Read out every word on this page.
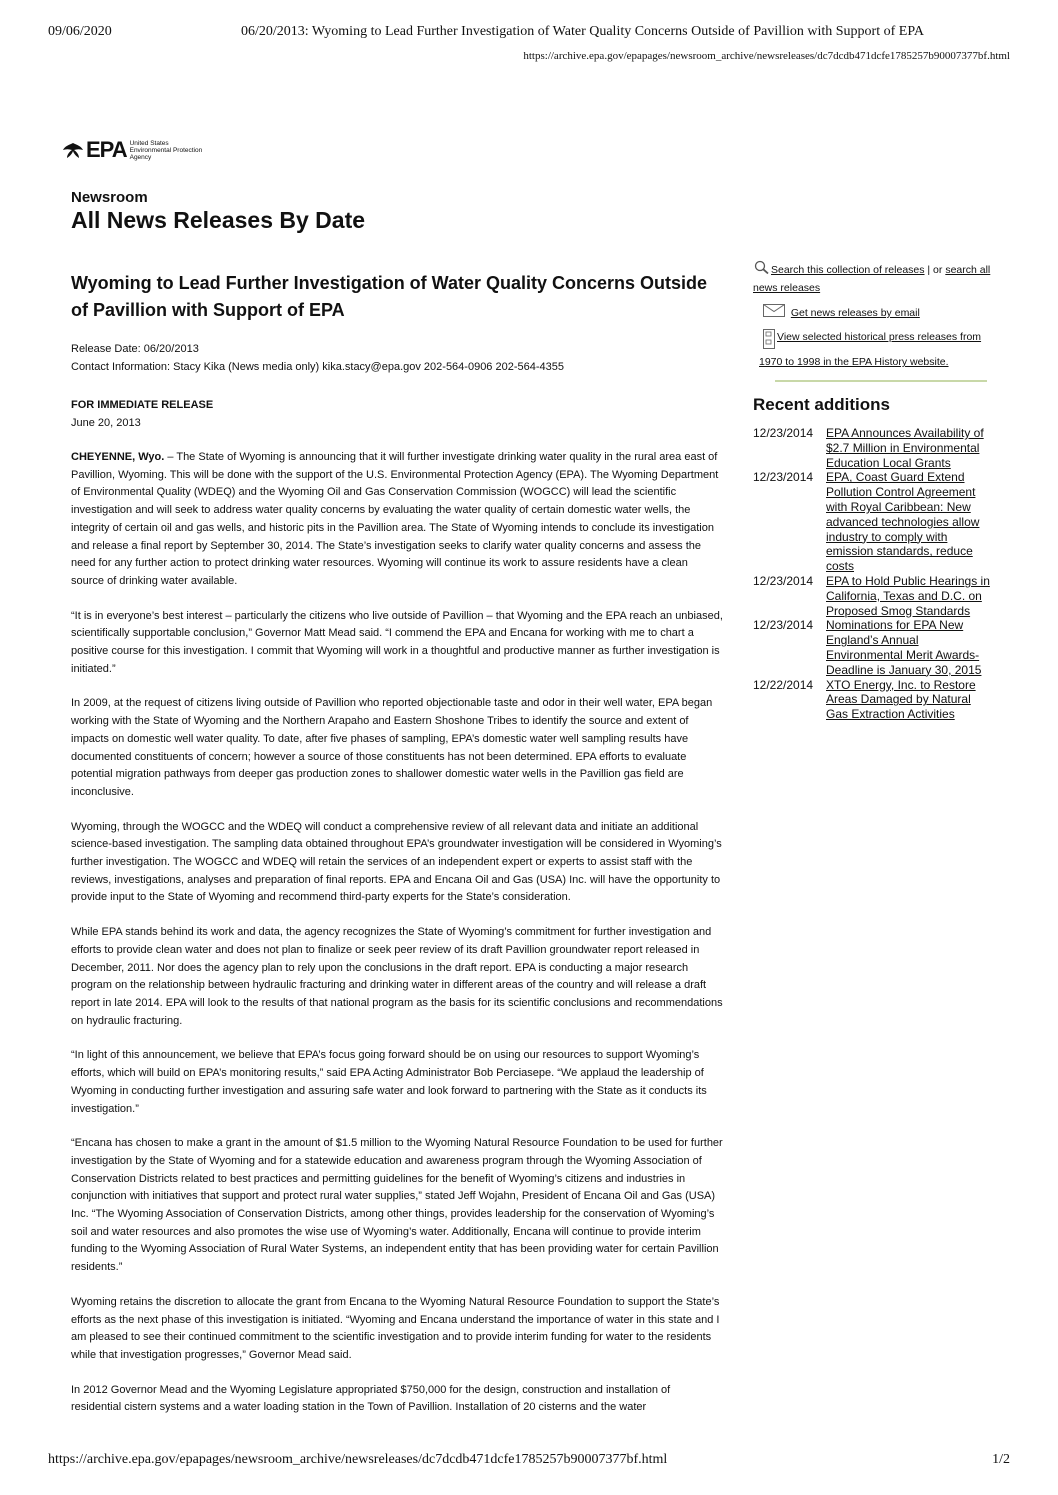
09/06/2020	06/20/2013: Wyoming to Lead Further Investigation of Water Quality Concerns Outside of Pavillion with Support of EPA
https://archive.epa.gov/epapages/newsroom_archive/newsreleases/dc7dcdb471dcfe1785257b90007377bf.html
EPA United States Environmental Protection Agency
Newsroom
All News Releases By Date
Wyoming to Lead Further Investigation of Water Quality Concerns Outside of Pavillion with Support of EPA
Release Date: 06/20/2013
Contact Information: Stacy Kika (News media only) kika.stacy@epa.gov 202-564-0906 202-564-4355
FOR IMMEDIATE RELEASE
June 20, 2013

CHEYENNE, Wyo. – The State of Wyoming is announcing that it will further investigate drinking water quality in the rural area east of Pavillion, Wyoming. This will be done with the support of the U.S. Environmental Protection Agency (EPA). The Wyoming Department of Environmental Quality (WDEQ) and the Wyoming Oil and Gas Conservation Commission (WOGCC) will lead the scientific investigation and will seek to address water quality concerns by evaluating the water quality of certain domestic water wells, the integrity of certain oil and gas wells, and historic pits in the Pavillion area. The State of Wyoming intends to conclude its investigation and release a final report by September 30, 2014. The State’s investigation seeks to clarify water quality concerns and assess the need for any further action to protect drinking water resources. Wyoming will continue its work to assure residents have a clean source of drinking water available.

“It is in everyone’s best interest – particularly the citizens who live outside of Pavillion – that Wyoming and the EPA reach an unbiased, scientifically supportable conclusion,” Governor Matt Mead said. “I commend the EPA and Encana for working with me to chart a positive course for this investigation. I commit that Wyoming will work in a thoughtful and productive manner as further investigation is initiated.”

In 2009, at the request of citizens living outside of Pavillion who reported objectionable taste and odor in their well water, EPA began working with the State of Wyoming and the Northern Arapaho and Eastern Shoshone Tribes to identify the source and extent of impacts on domestic well water quality. To date, after five phases of sampling, EPA’s domestic water well sampling results have documented constituents of concern; however a source of those constituents has not been determined. EPA efforts to evaluate potential migration pathways from deeper gas production zones to shallower domestic water wells in the Pavillion gas field are inconclusive.

Wyoming, through the WOGCC and the WDEQ will conduct a comprehensive review of all relevant data and initiate an additional science-based investigation. The sampling data obtained throughout EPA’s groundwater investigation will be considered in Wyoming’s further investigation. The WOGCC and WDEQ will retain the services of an independent expert or experts to assist staff with the reviews, investigations, analyses and preparation of final reports. EPA and Encana Oil and Gas (USA) Inc. will have the opportunity to provide input to the State of Wyoming and recommend third-party experts for the State’s consideration.

While EPA stands behind its work and data, the agency recognizes the State of Wyoming’s commitment for further investigation and efforts to provide clean water and does not plan to finalize or seek peer review of its draft Pavillion groundwater report released in December, 2011. Nor does the agency plan to rely upon the conclusions in the draft report. EPA is conducting a major research program on the relationship between hydraulic fracturing and drinking water in different areas of the country and will release a draft report in late 2014. EPA will look to the results of that national program as the basis for its scientific conclusions and recommendations on hydraulic fracturing.

“In light of this announcement, we believe that EPA’s focus going forward should be on using our resources to support Wyoming’s efforts, which will build on EPA’s monitoring results,” said EPA Acting Administrator Bob Perciasepe. “We applaud the leadership of Wyoming in conducting further investigation and assuring safe water and look forward to partnering with the State as it conducts its investigation.”

“Encana has chosen to make a grant in the amount of $1.5 million to the Wyoming Natural Resource Foundation to be used for further investigation by the State of Wyoming and for a statewide education and awareness program through the Wyoming Association of Conservation Districts related to best practices and permitting guidelines for the benefit of Wyoming’s citizens and industries in conjunction with initiatives that support and protect rural water supplies,” stated Jeff Wojahn, President of Encana Oil and Gas (USA) Inc. “The Wyoming Association of Conservation Districts, among other things, provides leadership for the conservation of Wyoming’s soil and water resources and also promotes the wise use of Wyoming’s water. Additionally, Encana will continue to provide interim funding to the Wyoming Association of Rural Water Systems, an independent entity that has been providing water for certain Pavillion residents.”

Wyoming retains the discretion to allocate the grant from Encana to the Wyoming Natural Resource Foundation to support the State’s efforts as the next phase of this investigation is initiated. “Wyoming and Encana understand the importance of water in this state and I am pleased to see their continued commitment to the scientific investigation and to provide interim funding for water to the residents while that investigation progresses,” Governor Mead said.

In 2012 Governor Mead and the Wyoming Legislature appropriated $750,000 for the design, construction and installation of residential cistern systems and a water loading station in the Town of Pavillion. Installation of 20 cisterns and the water

Search this collection of releases | or search all news releases
Get news releases by email
View selected historical press releases from 1970 to 1998 in the EPA History website.
Recent additions
12/23/2014	EPA Announces Availability of $2.7 Million in Environmental Education Local Grants
12/23/2014	EPA, Coast Guard Extend Pollution Control Agreement with Royal Caribbean: New advanced technologies allow industry to comply with emission standards, reduce costs
12/23/2014	EPA to Hold Public Hearings in California, Texas and D.C. on Proposed Smog Standards
12/23/2014	Nominations for EPA New England’s Annual Environmental Merit Awards-Deadline is January 30, 2015
12/22/2014	XTO Energy, Inc. to Restore Areas Damaged by Natural Gas Extraction Activities
https://archive.epa.gov/epapages/newsroom_archive/newsreleases/dc7dcdb471dcfe1785257b90007377bf.html	1/2
